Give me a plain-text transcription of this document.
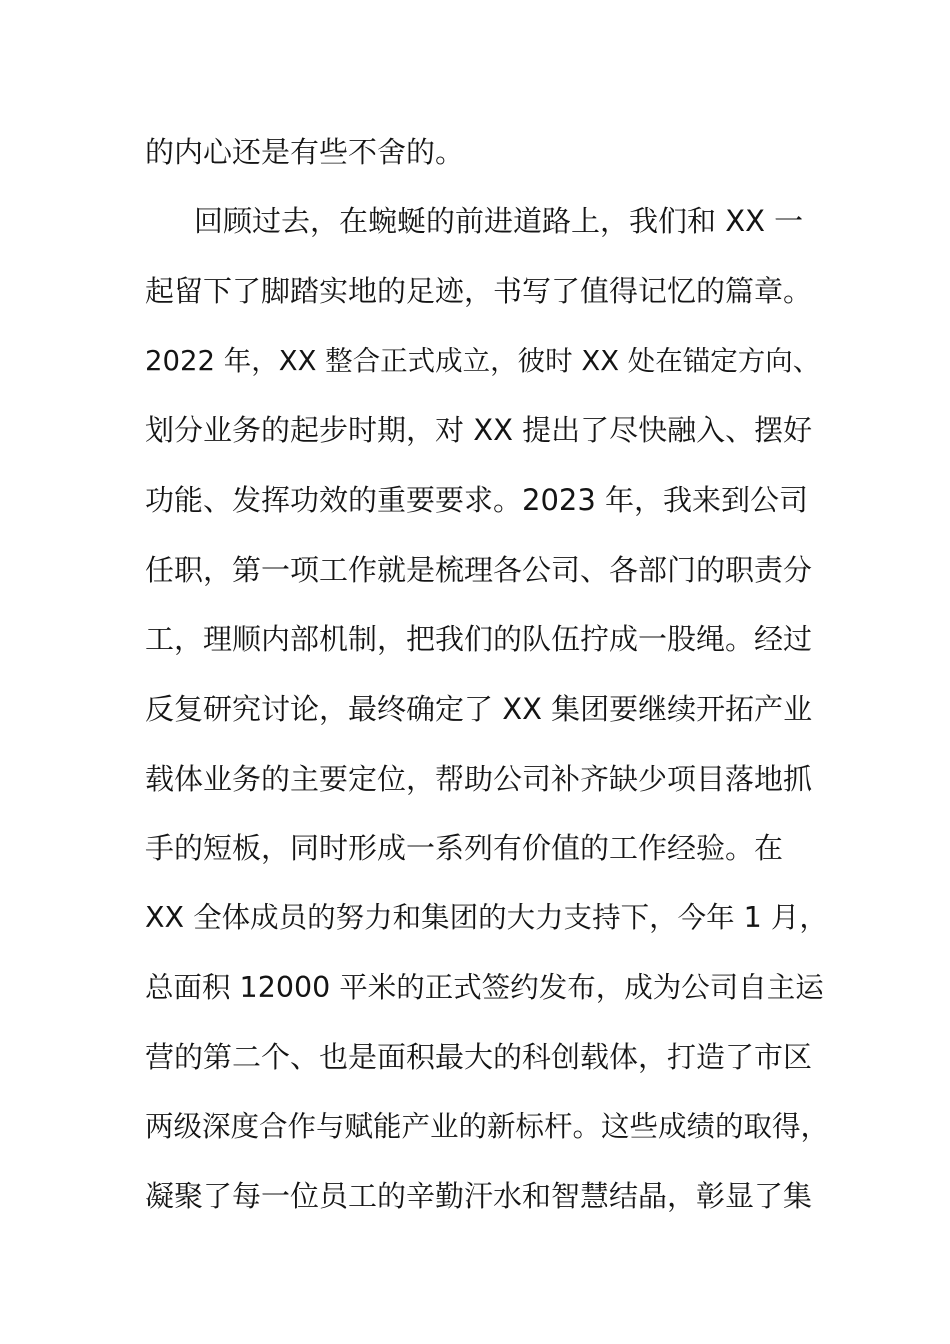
的内心还是有些不舍的。
回顾过去，在蜿蜒的前进道路上，我们和 XX 一
起留下了脚踏实地的足迹，书写了值得记忆的篇章。
2022 年，XX 整合正式成立，彼时 XX 处在锚定方向、
划分业务的起步时期，对 XX 提出了尽快融入、摆好
功能、发挥功效的重要要求。2023 年，我来到公司
任职，第一项工作就是梳理各公司、各部门的职责分
工，理顺内部机制，把我们的队伍拧成一股绳。经过
反复研究讨论，最终确定了 XX 集团要继续开拓产业
载体业务的主要定位，帮助公司补齐缺少项目落地抓
手的短板，同时形成一系列有价值的工作经验。在
XX 全体成员的努力和集团的大力支持下，今年 1 月，
总面积 12000 平米的正式签约发布，成为公司自主运
营的第二个、也是面积最大的科创载体，打造了市区
两级深度合作与赋能产业的新标杆。这些成绩的取得，
凝聚了每一位员工的辛勤汗水和智慧结晶，彰显了集
